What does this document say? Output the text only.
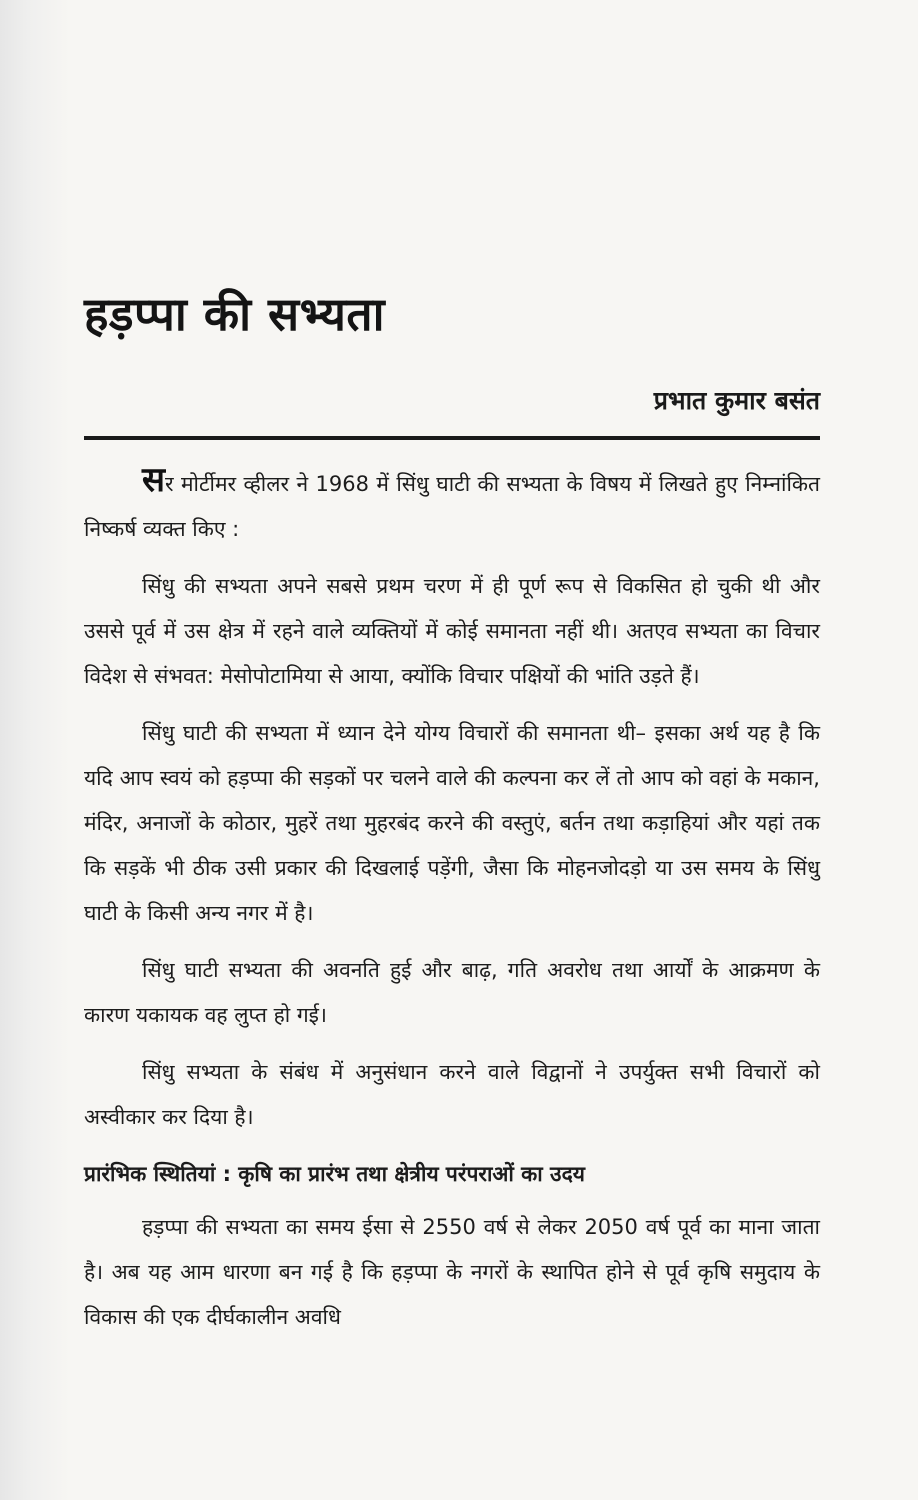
हड़प्पा की सभ्यता
प्रभात कुमार बसंत

सर मोर्टीमर व्हीलर ने 1968 में सिंधु घाटी की सभ्यता के विषय में लिखते हुए निम्नांकित निष्कर्ष व्यक्त किए :

सिंधु की सभ्यता अपने सबसे प्रथम चरण में ही पूर्ण रूप से विकसित हो चुकी थी और उससे पूर्व में उस क्षेत्र में रहने वाले व्यक्तियों में कोई समानता नहीं थी। अतएव सभ्यता का विचार विदेश से संभवत: मेसोपोटामिया से आया, क्योंकि विचार पक्षियों की भांति उड़ते हैं।

सिंधु घाटी की सभ्यता में ध्यान देने योग्य विचारों की समानता थी– इसका अर्थ यह है कि यदि आप स्वयं को हड़प्पा की सड़कों पर चलने वाले की कल्पना कर लें तो आप को वहां के मकान, मंदिर, अनाजों के कोठार, मुहरें तथा मुहरबंद करने की वस्तुएं, बर्तन तथा कड़ाहियां और यहां तक कि सड़कें भी ठीक उसी प्रकार की दिखलाई पड़ेंगी, जैसा कि मोहनजोदड़ो या उस समय के सिंधु घाटी के किसी अन्य नगर में है।

सिंधु घाटी सभ्यता की अवनति हुई और बाढ़, गति अवरोध तथा आर्यों के आक्रमण के कारण यकायक वह लुप्त हो गई।

सिंधु सभ्यता के संबंध में अनुसंधान करने वाले विद्वानों ने उपर्युक्त सभी विचारों को अस्वीकार कर दिया है।

प्रारंभिक स्थितियां : कृषि का प्रारंभ तथा क्षेत्रीय परंपराओं का उदय

हड़प्पा की सभ्यता का समय ईसा से 2550 वर्ष से लेकर 2050 वर्ष पूर्व का माना जाता है। अब यह आम धारणा बन गई है कि हड़प्पा के नगरों के स्थापित होने से पूर्व कृषि समुदाय के विकास की एक दीर्घकालीन अवधि
